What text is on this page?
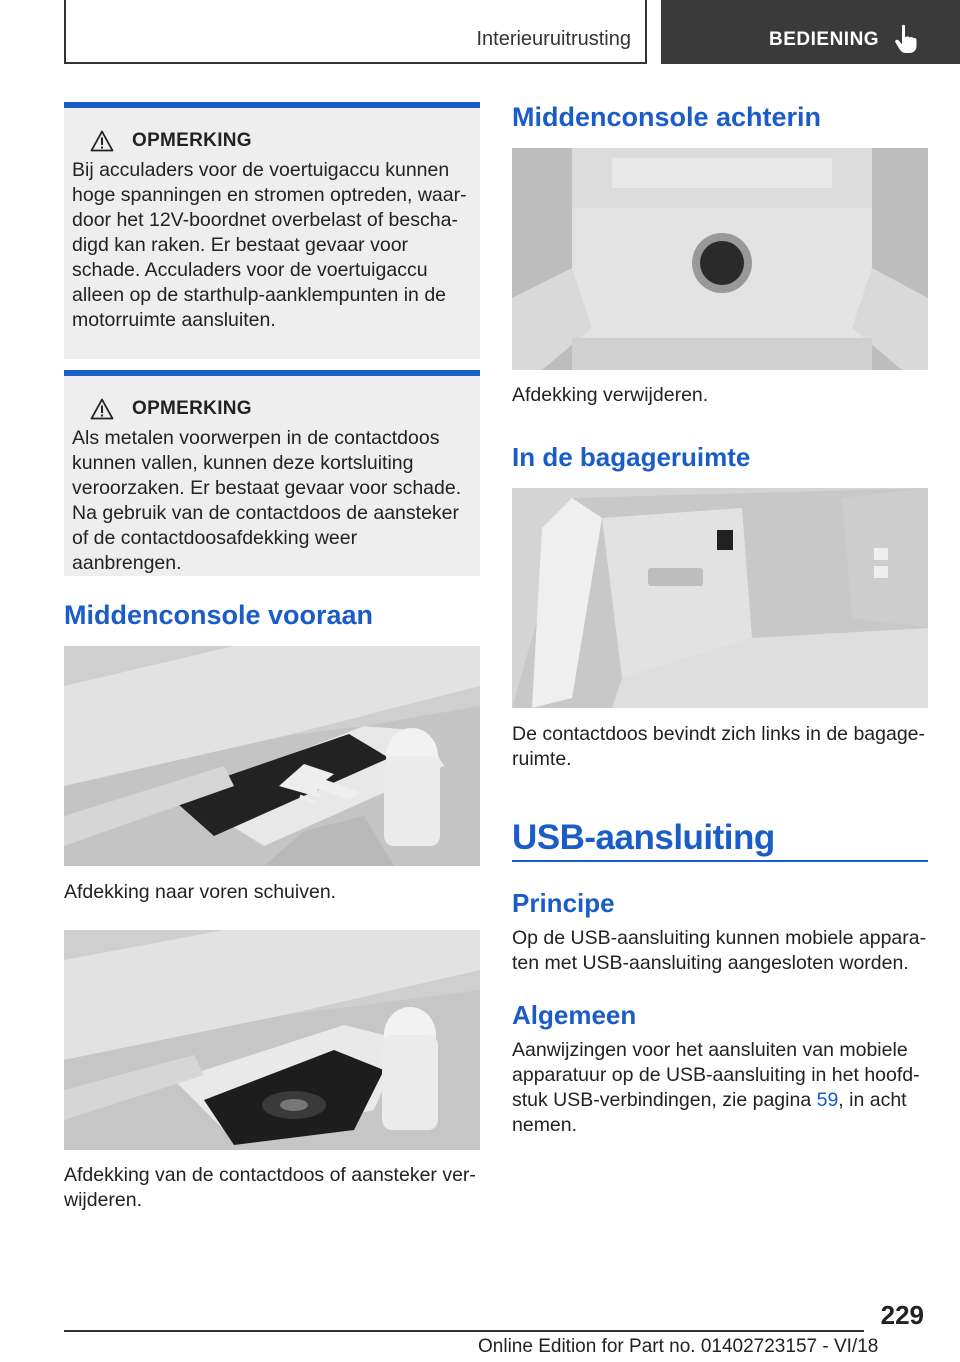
Interieuruitrusting	BEDIENING
OPMERKING
Bij acculaders voor de voertuigaccu kunnen hoge spanningen en stromen optreden, waardoor het 12V-boordnet overbelast of beschadigd kan raken. Er bestaat gevaar voor schade. Acculaders voor de voertuigaccu alleen op de starthulp-aanklempunten in de motorruimte aansluiten.
OPMERKING
Als metalen voorwerpen in de contactdoos kunnen vallen, kunnen deze kortsluiting veroorzaken. Er bestaat gevaar voor schade. Na gebruik van de contactdoos de aansteker of de contactdoosafdekking weer aanbrengen.
Middenconsole vooraan
Afdekking naar voren schuiven.
Afdekking van de contactdoos of aansteker verwijderen.
Middenconsole achterin
Afdekking verwijderen.
In de bagageruimte
De contactdoos bevindt zich links in de bagageruimte.
USB-aansluiting
Principe
Op de USB-aansluiting kunnen mobiele apparaten met USB-aansluiting aangesloten worden.
Algemeen
Aanwijzingen voor het aansluiten van mobiele apparatuur op de USB-aansluiting in het hoofdstuk USB-verbindingen, zie pagina 59, in acht nemen.
229
Online Edition for Part no. 01402723157 - VI/18
